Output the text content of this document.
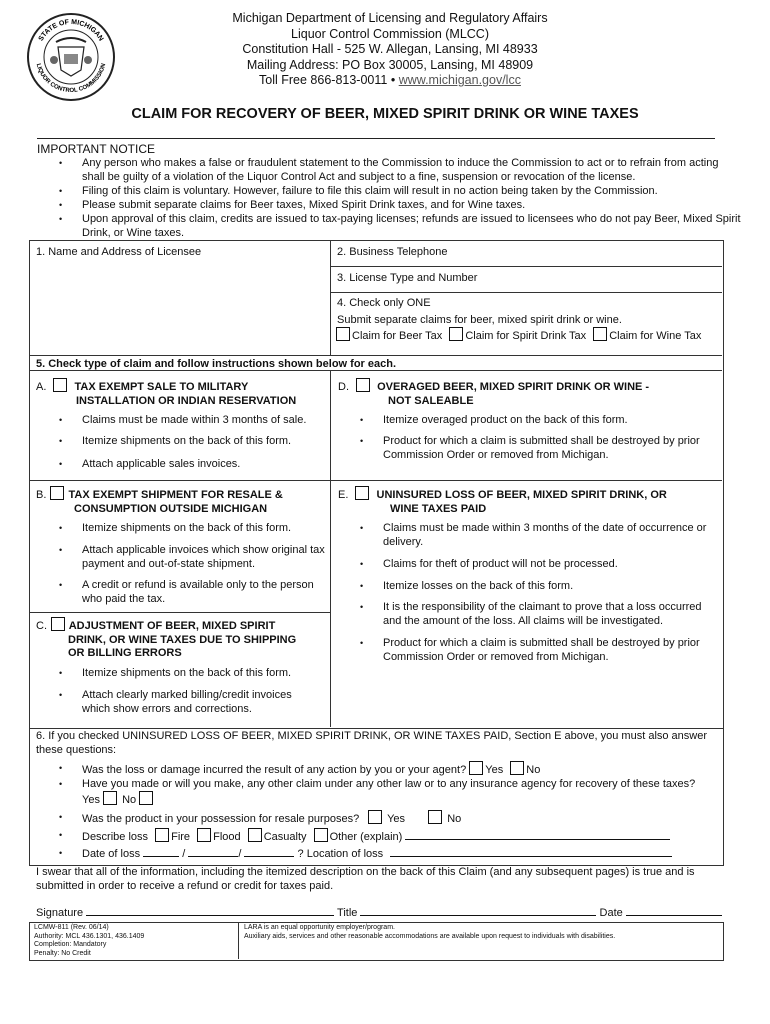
STATE OF MICHIGAN
LIQUOR CONTROL COMMISSION
Michigan Department of Licensing and Regulatory Affairs
Liquor Control Commission (MLCC)
Constitution Hall - 525 W. Allegan, Lansing, MI 48933
Mailing Address: PO Box 30005, Lansing, MI 48909
Toll Free 866-813-0011 • www.michigan.gov/lcc
CLAIM FOR RECOVERY OF BEER, MIXED SPIRIT DRINK OR WINE TAXES
IMPORTANT NOTICE
• Any person who makes a false or fraudulent statement to the Commission to induce the Commission to act or to refrain from acting shall be guilty of a violation of the Liquor Control Act and subject to a fine, suspension or revocation of the license.
• Filing of this claim is voluntary. However, failure to file this claim will result in no action being taken by the Commission.
• Please submit separate claims for Beer taxes, Mixed Spirit Drink taxes, and for Wine taxes.
• Upon approval of this claim, credits are issued to tax-paying licenses; refunds are issued to licensees who do not pay Beer, Mixed Spirit Drink, or Wine taxes.
1. Name and Address of Licensee	2. Business Telephone
3. License Type and Number
4. Check only ONE
Submit separate claims for beer, mixed spirit drink or wine.
Claim for Beer Tax Claim for Spirit Drink Tax Claim for Wine Tax
5. Check type of claim and follow instructions shown below for each.
A.	TAX EXEMPT SALE TO MILITARY
INSTALLATION OR INDIAN RESERVATION
• Claims must be made within 3 months of sale.
• Itemize shipments on the back of this form.
• Attach applicable sales invoices.
B. TAX EXEMPT SHIPMENT FOR RESALE &
CONSUMPTION OUTSIDE MICHIGAN
• Itemize shipments on the back of this form.
• Attach applicable invoices which show original tax payment and out-of-state shipment.
• A credit or refund is available only to the person who paid the tax.
C. ADJUSTMENT OF BEER, MIXED SPIRIT
DRINK, OR WINE TAXES DUE TO SHIPPING
OR BILLING ERRORS
• Itemize shipments on the back of this form.
• Attach clearly marked billing/credit invoices which show errors and corrections.
D.	OVERAGED BEER, MIXED SPIRIT DRINK OR WINE -
NOT SALEABLE
• Itemize overaged product on the back of this form.
• Product for which a claim is submitted shall be destroyed by prior Commission Order or removed from Michigan.
E.	UNINSURED LOSS OF BEER, MIXED SPIRIT DRINK, OR
WINE TAXES PAID
• Claims must be made within 3 months of the date of occurrence or delivery.
• Claims for theft of product will not be processed.
• Itemize losses on the back of this form.
• It is the responsibility of the claimant to prove that a loss occurred and the amount of the loss. All claims will be investigated.
• Product for which a claim is submitted shall be destroyed by prior Commission Order or removed from Michigan.
6. If you checked UNINSURED LOSS OF BEER, MIXED SPIRIT DRINK, OR WINE TAXES PAID, Section E above, you must also answer these questions:
• Was the loss or damage incurred the result of any action by you or your agent? Yes No
• Have you made or will you make, any other claim under any other law or to any insurance agency for recovery of these taxes?
Yes No
• Was the product in your possession for resale purposes?	Yes	No
• Describe loss Fire Flood Casualty Other (explain)
• Date of loss	/	/	? Location of loss
I swear that all of the information, including the itemized description on the back of this Claim (and any subsequent pages) is true and is submitted in order to receive a refund or credit for taxes paid.
Signature	Title	Date
LCMW-811 (Rev. 06/14)
Authority: MCL 436.1301, 436.1409
Completion: Mandatory
Penalty: No Credit
LARA is an equal opportunity employer/program.
Auxiliary aids, services and other reasonable accommodations are available upon request to individuals with disabilities.
